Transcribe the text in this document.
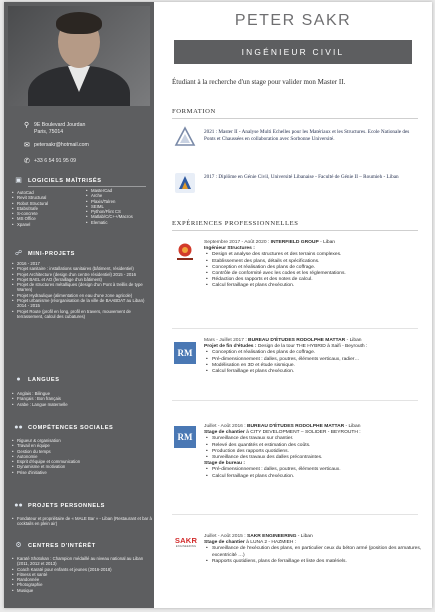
⚲ 9E Boulevard Jourdan
Paris, 75014
✉ petersakr@hotmail.com
✆ +33 6 54 91 95 09
▣ LOGICIELS MAÎTRISÉS
• AutoCad
• Revit Structural
• Robot Structural
• Etabs/Safe
• S-concrete
• MS Office
• Xpanel
• MasterCad
• Arche
• Plaxis/Talren
• SEIML
• Python/Flint CS
• Matlab/C/C++/Macros
• Elematic
☍ MINI-PROJETS
• 2016 - 2017
• Projet sanitaire : installations sanitaires (bâtiment, résidentiel)
• Projet Architecture (design d'un centre résidentiel) 2015 - 2016
• Projet BAEL et AO (ferraillage d'un bâtiment)
• Projet de structures métalliques (design d'un Pont à treillis de type Warren)
• Projet Hydraulique (alimentation en eau d'une zone agricole)
• Projet urbanisme (réorganisation de la ville de BAABDAT au Liban) 2014 - 2015
• Projet Route (profil en long, profil en travers, mouvement de terrassement, calcul des cubatures)
●	LANGUES
• Anglais : Bilingue
• Français : Bon français
• Arabe : Langue maternelle
●● COMPÉTENCES SOCIALES
• Rigueur & organisation
• Travail en équipe
• Gestion du temps
• Autonomie
• Esprit d'équipe et communication
• Dynamisme et motivation
• Prise d'initiative
●● PROJETS PERSONNELS
• Fondateur et propriétaire de « MALE Bar » - Liban (Restaurant et bar à cocktails en plein air)
⚙ CENTRES D'INTÉRÊT
• Karaté Shotokan : Champion médaillé au niveau national au Liban (2011, 2012 et 2013)
• Coach Karaté pour enfants et jeunes (2016-2018)
• Fitness et santé
• Randonnée
• Photographie
• Musique
PETER SAKR
INGÉNIEUR CIVIL
Étudiant à la recherche d'un stage pour valider mon Master II.
FORMATION
2021 : Master II - Analyse Multi Echelles pour les Matériaux et les Structures. Ecole Nationale des Ponts et Chaussées en collaboration avec Sorbonne Université.
2017 : Diplôme en Génie Civil, Université Libanaise - Faculté de Génie II – Roumieh - Liban
EXPÉRIENCES PROFESSIONNELLES
Septembre 2017 - Août 2020 : INTERFIELD GROUP - Liban
Ingénieur Structures :
• Design et analyse des structures et des terrains complexes.
• Etablissement des plans, détails et spécifications.
• Conception et réalisation des plans de coffrage.
• Contrôle de conformité avec les codes et les réglementations.
• Rédaction des rapports et des notes de calcul.
• Calcul ferraillage et plans d'exécution.
RM
Mars - Juillet 2017 : BUREAU D'ÉTUDES RODOLPHE MATTAR - Liban
Projet de fin d'études : Design de la tour THE HYBRID à Saifi - Beyrouth :
• Conception et réalisation des plans de coffrage.
• Pré-dimensionnement : dalles, poutres, éléments verticaux, radier…
• Modélisation en 3D et étude sismique.
• Calcul ferraillage et plans d'exécution.
RM
Juillet - Août 2016 : BUREAU D'ÉTUDES RODOLPHE MATTAR - Liban
Stage de chantier à CITY DEVELOPMENT – SOLIDER - BEYROUTH :
• Surveillance des travaux sur chantier.
• Relevé des quantités et estimation des coûts.
• Production des rapports quotidiens.
• Surveillance des travaux des dalles précontraintes.
Stage de bureau :
• Pré-dimensionnement : dalles, poutres, éléments verticaux.
• Calcul ferraillage et plans d'exécution.
SAKR
ENGINEERING
Juillet - Août 2015 : SAKR ENGINEERING - Liban
Stage de chantier à LUNA 2 - HAZMIEH :
• Surveillance de l'exécution des plans, en particulier ceux du béton armé (position des armatures, excentricité …)
• Rapports quotidiens, plans de ferraillage et liste des matériels.
